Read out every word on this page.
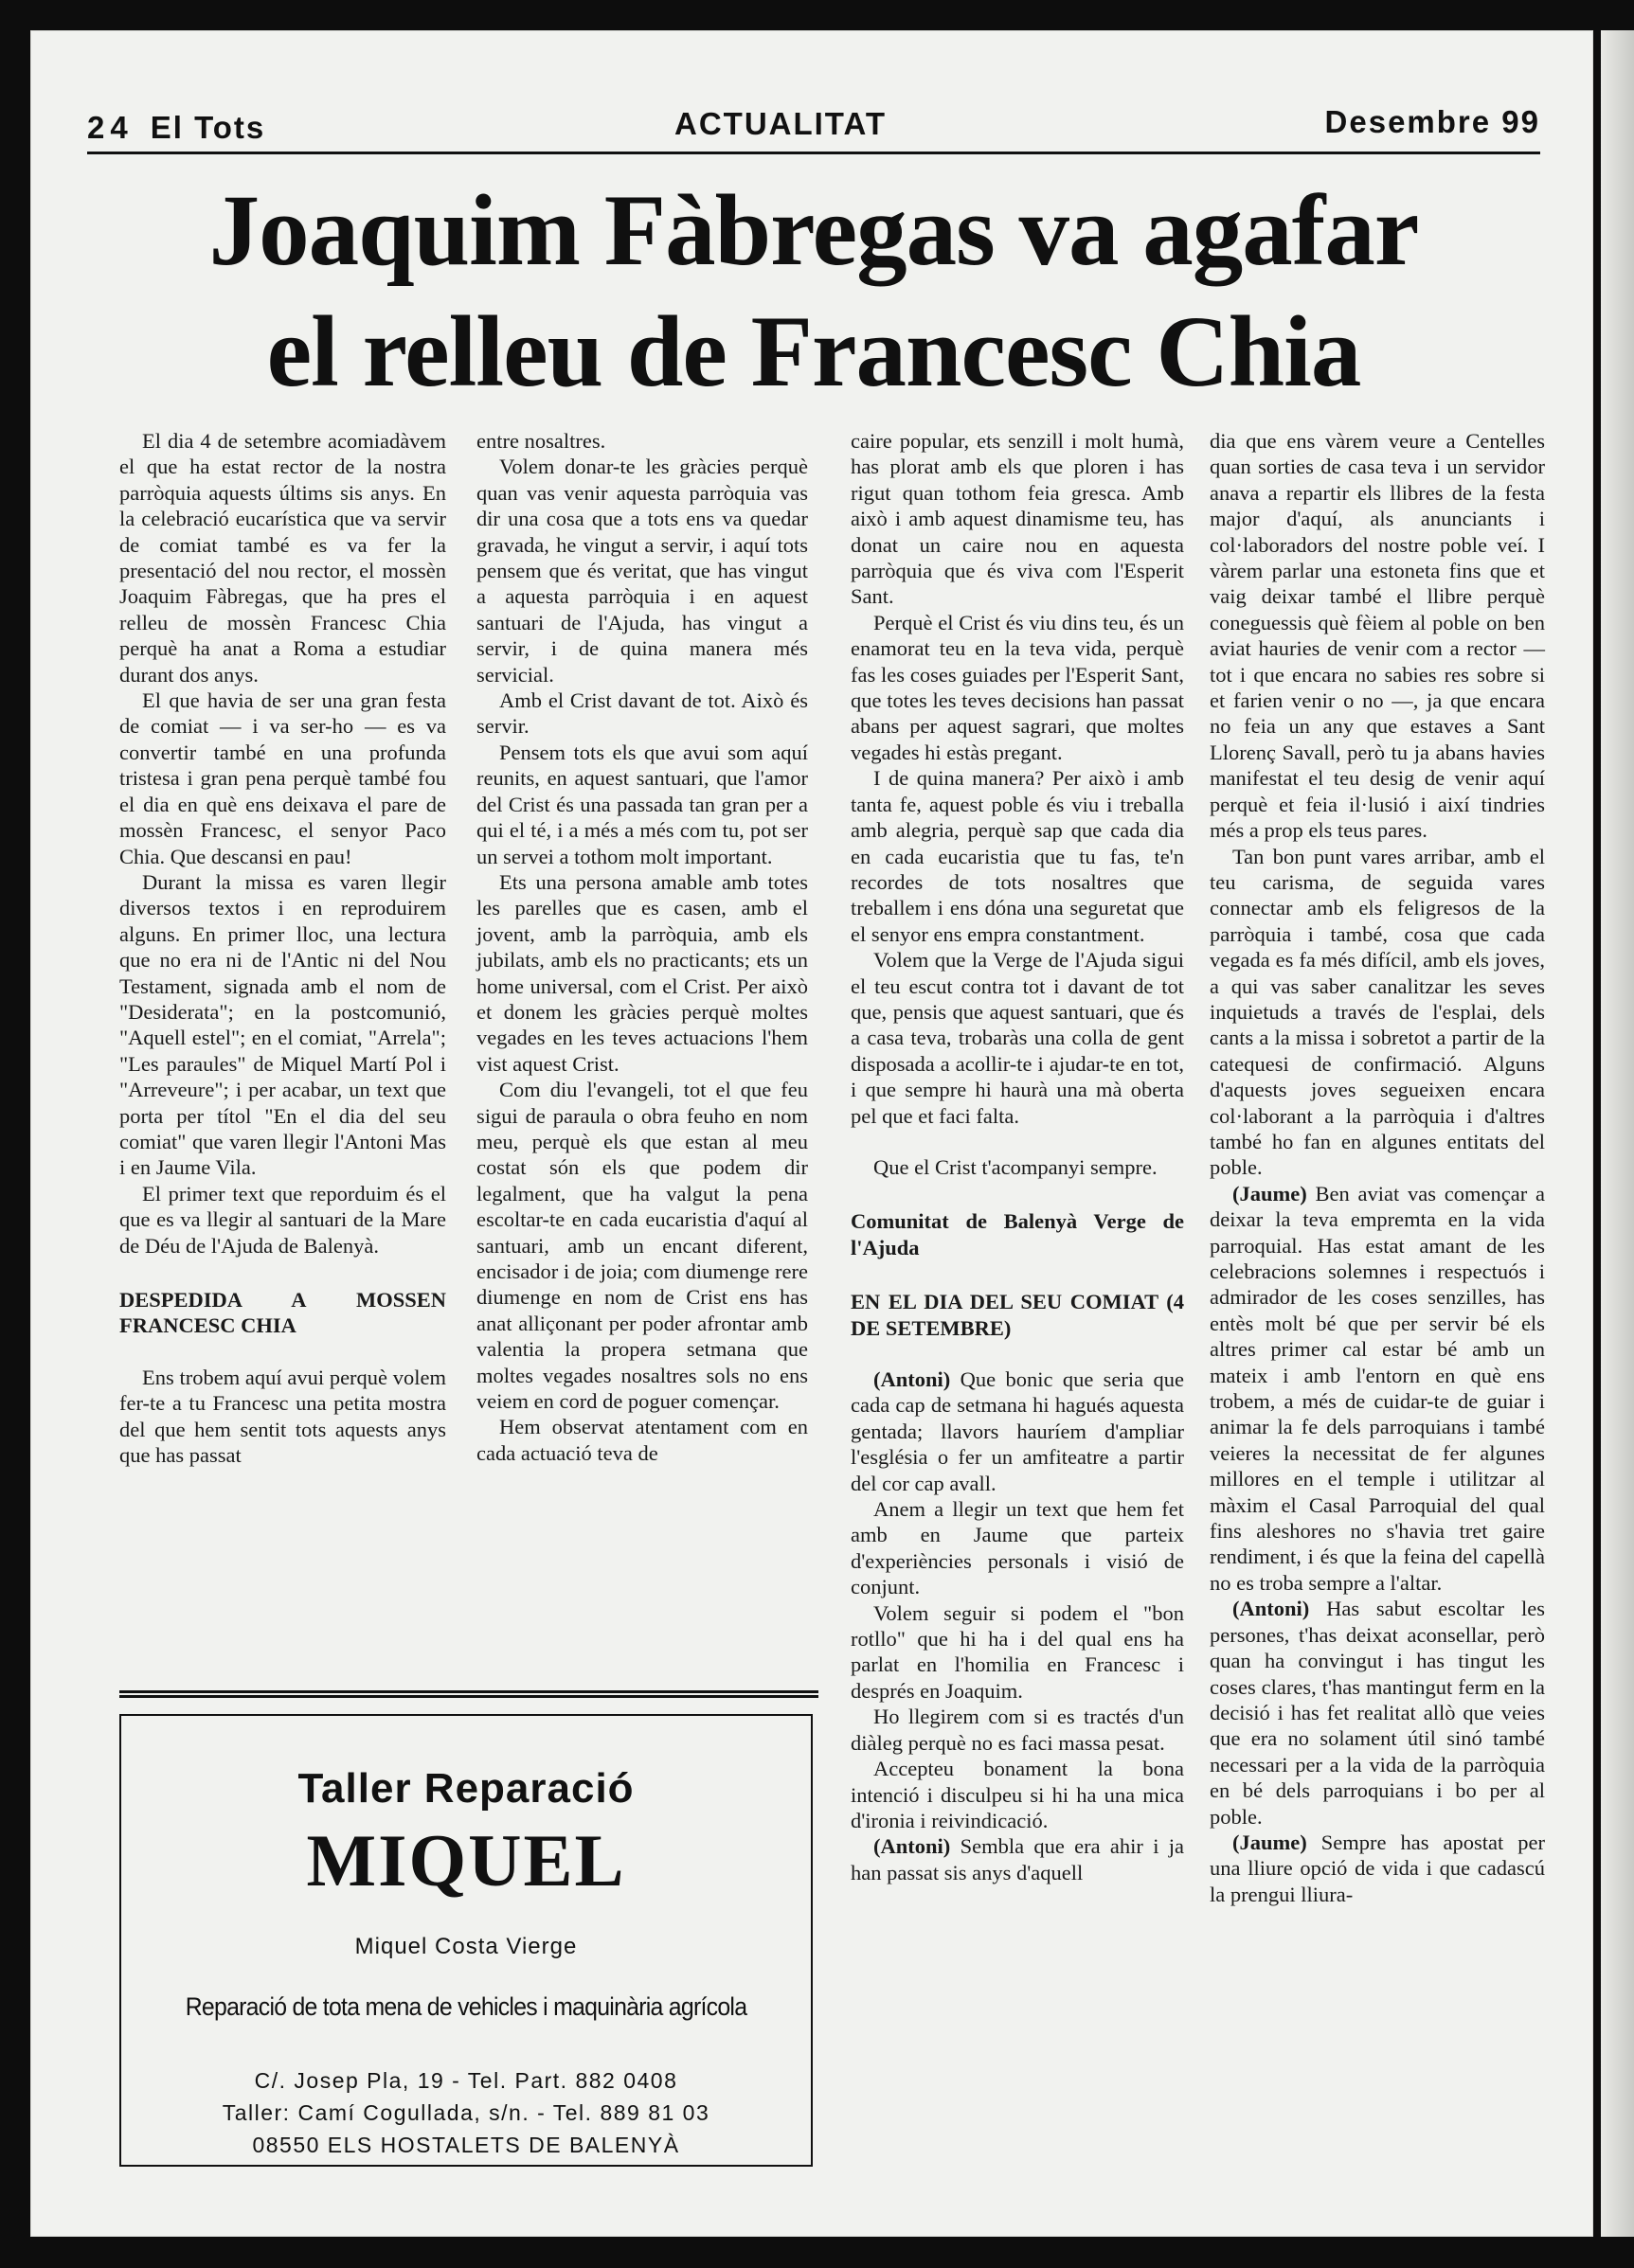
24 El Tots	ACTUALITAT	Desembre 99
Joaquim Fàbregas va agafar
el relleu de Francesc Chia

El dia 4 de setembre acomiadàvem el que ha estat rector de la nostra parròquia aquests últims sis anys. En la celebració eucarística que va servir de comiat també es va fer la presentació del nou rector, el mossèn Joaquim Fàbregas, que ha pres el relleu de mossèn Francesc Chia perquè ha anat a Roma a estudiar durant dos anys.

El que havia de ser una gran festa de comiat — i va ser-ho — es va convertir també en una profunda tristesa i gran pena perquè també fou el dia en què ens deixava el pare de mossèn Francesc, el senyor Paco Chia. Que descansi en pau!

Durant la missa es varen llegir diversos textos i en reproduirem alguns. En primer lloc, una lectura que no era ni de l'Antic ni del Nou Testament, signada amb el nom de "Desiderata"; en la postcomunió, "Aquell estel"; en el comiat, "Arrela"; "Les paraules" de Miquel Martí Pol i "Arreveure"; i per acabar, un text que porta per títol "En el dia del seu comiat" que varen llegir l'Antoni Mas i en Jaume Vila.

El primer text que reporduim és el que es va llegir al santuari de la Mare de Déu de l'Ajuda de Balenyà.

DESPEDIDA A MOSSEN FRANCESC CHIA

Ens trobem aquí avui perquè volem fer-te a tu Francesc una petita mostra del que hem sentit tots aquests anys que has passat

entre nosaltres.

Volem donar-te les gràcies perquè quan vas venir aquesta parròquia vas dir una cosa que a tots ens va quedar gravada, he vingut a servir, i aquí tots pensem que és veritat, que has vingut a aquesta parròquia i en aquest santuari de l'Ajuda, has vingut a servir, i de quina manera més servicial.

Amb el Crist davant de tot. Això és servir.

Pensem tots els que avui som aquí reunits, en aquest santuari, que l'amor del Crist és una passada tan gran per a qui el té, i a més a més com tu, pot ser un servei a tothom molt important.

Ets una persona amable amb totes les parelles que es casen, amb el jovent, amb la parròquia, amb els jubilats, amb els no practicants; ets un home universal, com el Crist. Per això et donem les gràcies perquè moltes vegades en les teves actuacions l'hem vist aquest Crist.

Com diu l'evangeli, tot el que feu sigui de paraula o obra feuho en nom meu, perquè els que estan al meu costat són els que podem dir legalment, que ha valgut la pena escoltar-te en cada eucaristia d'aquí al santuari, amb un encant diferent, encisador i de joia; com diumenge rere diumenge en nom de Crist ens has anat alliçonant per poder afrontar amb valentia la propera setmana que moltes vegades nosaltres sols no ens veiem en cord de poguer començar.

Hem observat atentament com en cada actuació teva de

caire popular, ets senzill i molt humà, has plorat amb els que ploren i has rigut quan tothom feia gresca. Amb això i amb aquest dinamisme teu, has donat un caire nou en aquesta parròquia que és viva com l'Esperit Sant.

Perquè el Crist és viu dins teu, és un enamorat teu en la teva vida, perquè fas les coses guiades per l'Esperit Sant, que totes les teves decisions han passat abans per aquest sagrari, que moltes vegades hi estàs pregant.

I de quina manera? Per això i amb tanta fe, aquest poble és viu i treballa amb alegria, perquè sap que cada dia en cada eucaristia que tu fas, te'n recordes de tots nosaltres que treballem i ens dóna una seguretat que el senyor ens empra constantment.

Volem que la Verge de l'Ajuda sigui el teu escut contra tot i davant de tot que, pensis que aquest santuari, que és a casa teva, trobaràs una colla de gent disposada a acollir-te i ajudar-te en tot, i que sempre hi haurà una mà oberta pel que et faci falta.

Que el Crist t'acompanyi sempre.

Comunitat de Balenyà Verge de l'Ajuda

EN EL DIA DEL SEU COMIAT (4 DE SETEMBRE)

(Antoni) Que bonic que seria que cada cap de setmana hi hagués aquesta gentada; llavors hauríem d'ampliar l'església o fer un amfiteatre a partir del cor cap avall.

Anem a llegir un text que hem fet amb en Jaume que parteix d'experiències personals i visió de conjunt.

Volem seguir si podem el "bon rotllo" que hi ha i del qual ens ha parlat en l'homilia en Francesc i després en Joaquim.

Ho llegirem com si es tractés d'un diàleg perquè no es faci massa pesat.

Accepteu bonament la bona intenció i disculpeu si hi ha una mica d'ironia i reivindicació.

(Antoni) Sembla que era ahir i ja han passat sis anys d'aquell

dia que ens vàrem veure a Centelles quan sorties de casa teva i un servidor anava a repartir els llibres de la festa major d'aquí, als anunciants i col·laboradors del nostre poble veí. I vàrem parlar una estoneta fins que et vaig deixar també el llibre perquè coneguessis què fèiem al poble on ben aviat hauries de venir com a rector — tot i que encara no sabies res sobre si et farien venir o no —, ja que encara no feia un any que estaves a Sant Llorenç Savall, però tu ja abans havies manifestat el teu desig de venir aquí perquè et feia il·lusió i així tindries més a prop els teus pares.

Tan bon punt vares arribar, amb el teu carisma, de seguida vares connectar amb els feligresos de la parròquia i també, cosa que cada vegada es fa més difícil, amb els joves, a qui vas saber canalitzar les seves inquietuds a través de l'esplai, dels cants a la missa i sobretot a partir de la catequesi de confirmació. Alguns d'aquests joves segueixen encara col·laborant a la parròquia i d'altres també ho fan en algunes entitats del poble.

(Jaume) Ben aviat vas començar a deixar la teva empremta en la vida parroquial. Has estat amant de les celebracions solemnes i respectuós i admirador de les coses senzilles, has entès molt bé que per servir bé els altres primer cal estar bé amb un mateix i amb l'entorn en què ens trobem, a més de cuidar-te de guiar i animar la fe dels parroquians i també veieres la necessitat de fer algunes millores en el temple i utilitzar al màxim el Casal Parroquial del qual fins aleshores no s'havia tret gaire rendiment, i és que la feina del capellà no es troba sempre a l'altar.

(Antoni) Has sabut escoltar les persones, t'has deixat aconsellar, però quan ha convingut i has tingut les coses clares, t'has mantingut ferm en la decisió i has fet realitat allò que veies que era no solament útil sinó també necessari per a la vida de la parròquia en bé dels parroquians i bo per al poble.

(Jaume) Sempre has apostat per una lliure opció de vida i que cadascú la prengui lliura-

Taller Reparació
MIQUEL
Miquel Costa Vierge
Reparació de tota mena de vehicles i maquinària agrícola
C/. Josep Pla, 19 - Tel. Part. 882 0408
Taller: Camí Cogullada, s/n. - Tel. 889 81 03
08550 ELS HOSTALETS DE BALENYÀ
